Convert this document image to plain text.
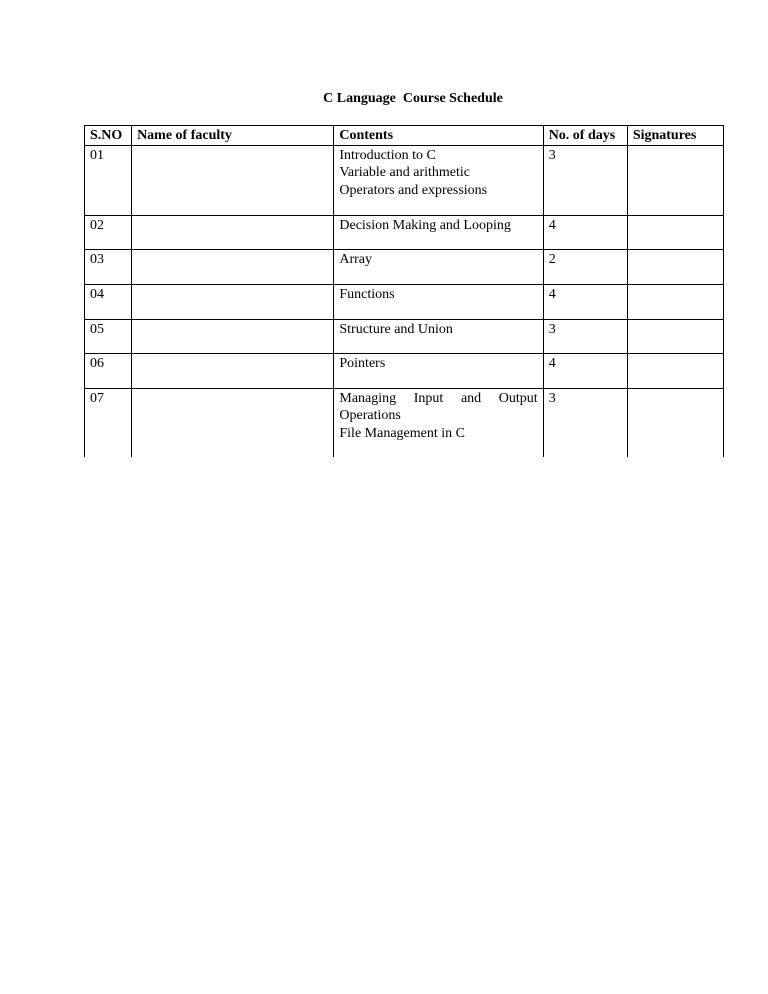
C Language  Course Schedule
S.NO	Name of faculty	Contents	No. of days	Signatures
01		Introduction to C
Variable and arithmetic
Operators and expressions	3	
02		Decision Making and Looping	4	
03		Array	2	
04		Functions	4	
05		Structure and Union	3	
06		Pointers	4	
07		Managing Input and Output Operations
File Management in C	3	
